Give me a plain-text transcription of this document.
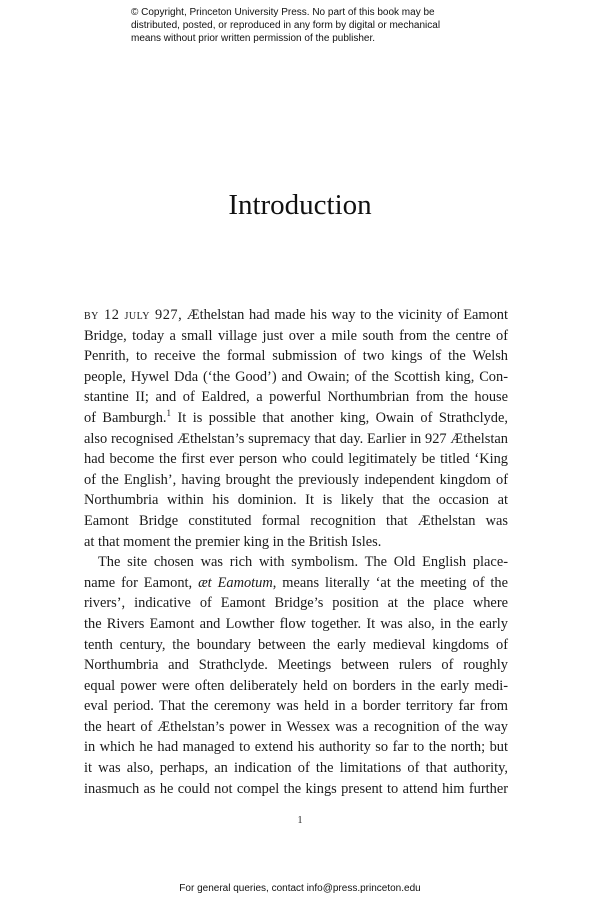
© Copyright, Princeton University Press. No part of this book may be
distributed, posted, or reproduced in any form by digital or mechanical
means without prior written permission of the publisher.
Introduction
by 12 july 927, Æthelstan had made his way to the vicinity of Eamont
Bridge, today a small village just over a mile south from the centre of
Penrith, to receive the formal submission of two kings of the Welsh
people, Hywel Dda (‘the Good’) and Owain; of the Scottish king, Con-
stantine II; and of Ealdred, a powerful Northumbrian from the house
of Bamburgh.$^1$ It is possible that another king, Owain of Strathclyde,
also recognised Æthelstan’s supremacy that day. Earlier in 927 Æthelstan
had become the first ever person who could legitimately be titled ‘King
of the English’, having brought the previously independent kingdom of
Northumbria within his dominion. It is likely that the occasion at
Eamont Bridge constituted formal recognition that Æthelstan was
at that moment the premier king in the British Isles.
The site chosen was rich with symbolism. The Old English place-
name for Eamont, æt Eamotum, means literally ‘at the meeting of the
rivers’, indicative of Eamont Bridge’s position at the place where
the Rivers Eamont and Lowther flow together. It was also, in the early
tenth century, the boundary between the early medieval kingdoms of
Northumbria and Strathclyde. Meetings between rulers of roughly
equal power were often deliberately held on borders in the early medi-
eval period. That the ceremony was held in a border territory far from
the heart of Æthelstan’s power in Wessex was a recognition of the way
in which he had managed to extend his authority so far to the north; but
it was also, perhaps, an indication of the limitations of that authority,
inasmuch as he could not compel the kings present to attend him further
1
For general queries, contact info@press.princeton.edu
